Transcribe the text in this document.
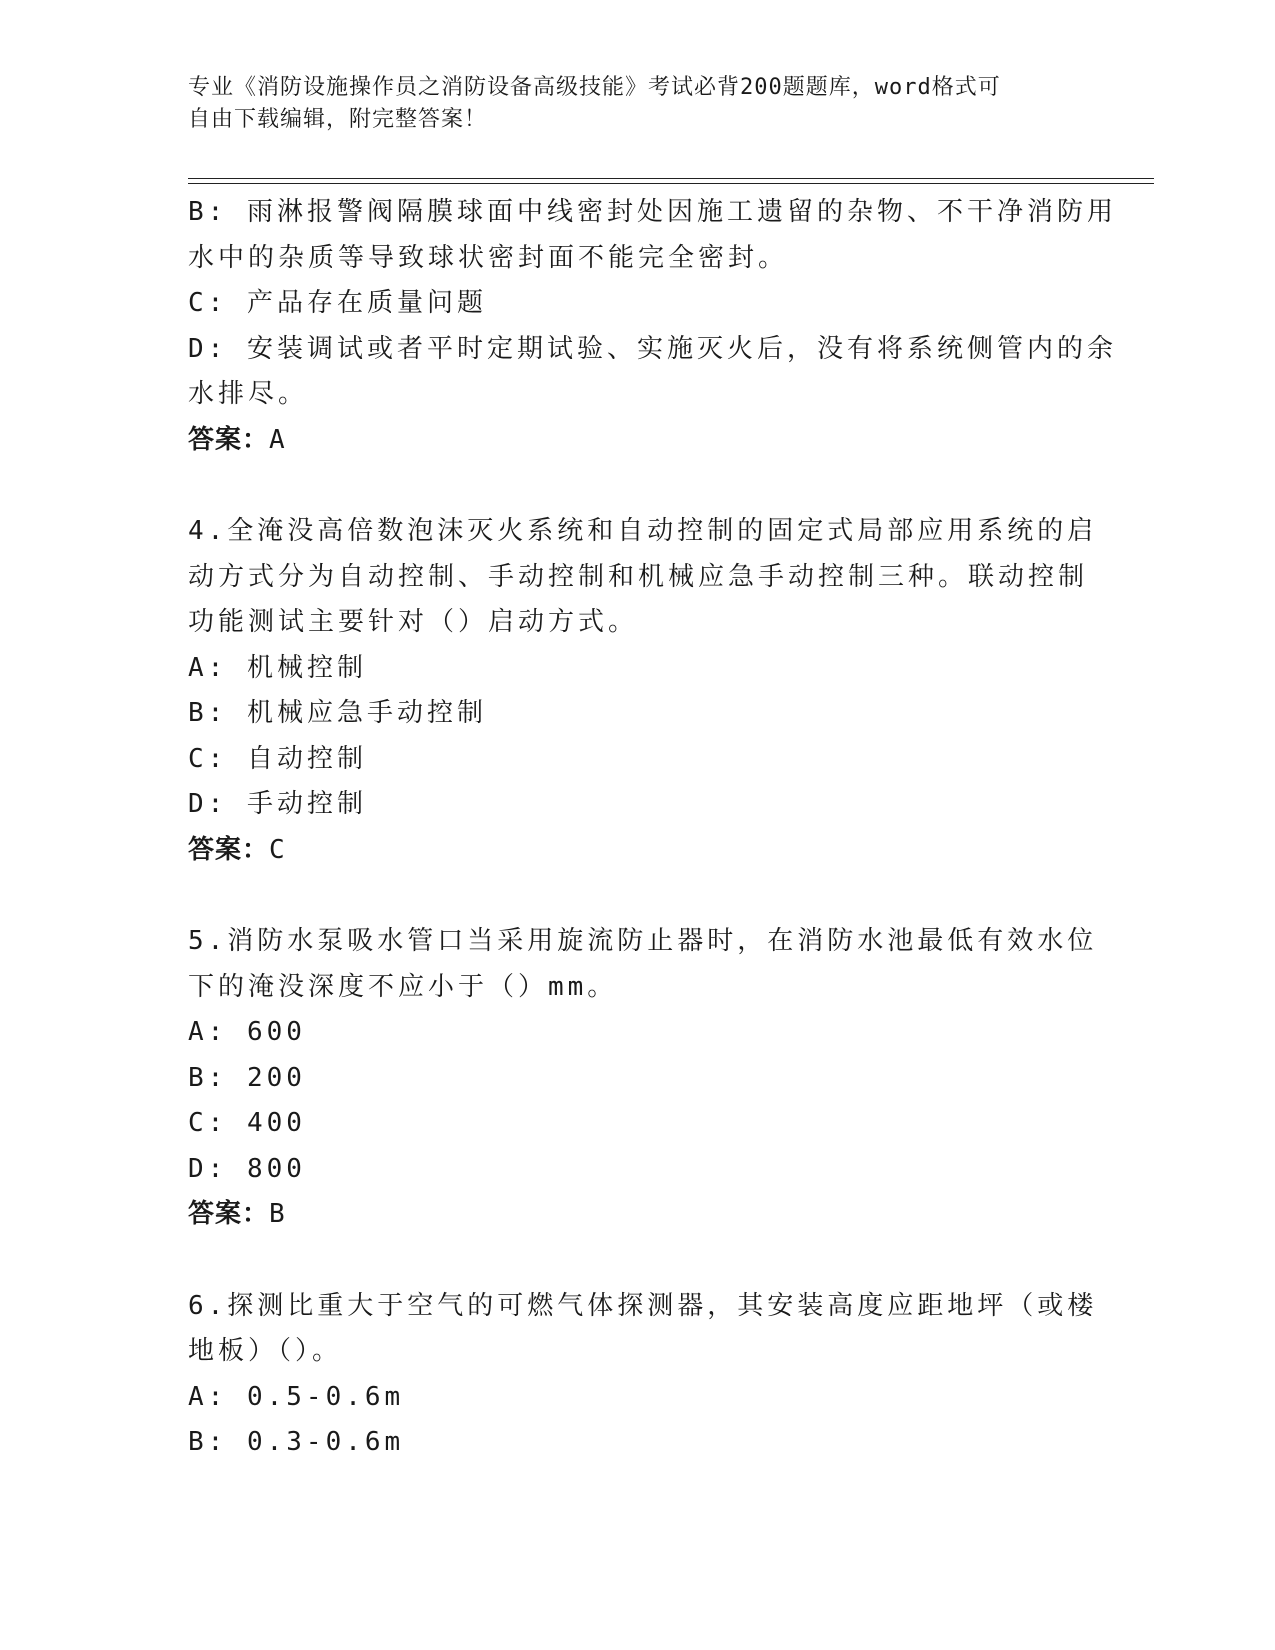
专业《消防设施操作员之消防设备高级技能》考试必背200题题库，word格式可
自由下载编辑，附完整答案！
B: 雨淋报警阀隔膜球面中线密封处因施工遗留的杂物、不干净消防用
水中的杂质等导致球状密封面不能完全密封。
C: 产品存在质量问题
D: 安装调试或者平时定期试验、实施灭火后，没有将系统侧管内的余
水排尽。
答案：A
4.全淹没高倍数泡沫灭火系统和自动控制的固定式局部应用系统的启
动方式分为自动控制、手动控制和机械应急手动控制三种。联动控制
功能测试主要针对（）启动方式。
A: 机械控制
B: 机械应急手动控制
C: 自动控制
D: 手动控制
答案：C
5.消防水泵吸水管口当采用旋流防止器时，在消防水池最低有效水位
下的淹没深度不应小于（）mm。
A: 600
B: 200
C: 400
D: 800
答案：B
6.探测比重大于空气的可燃气体探测器，其安装高度应距地坪（或楼
地板）（）。
A: 0.5-0.6m
B: 0.3-0.6m
